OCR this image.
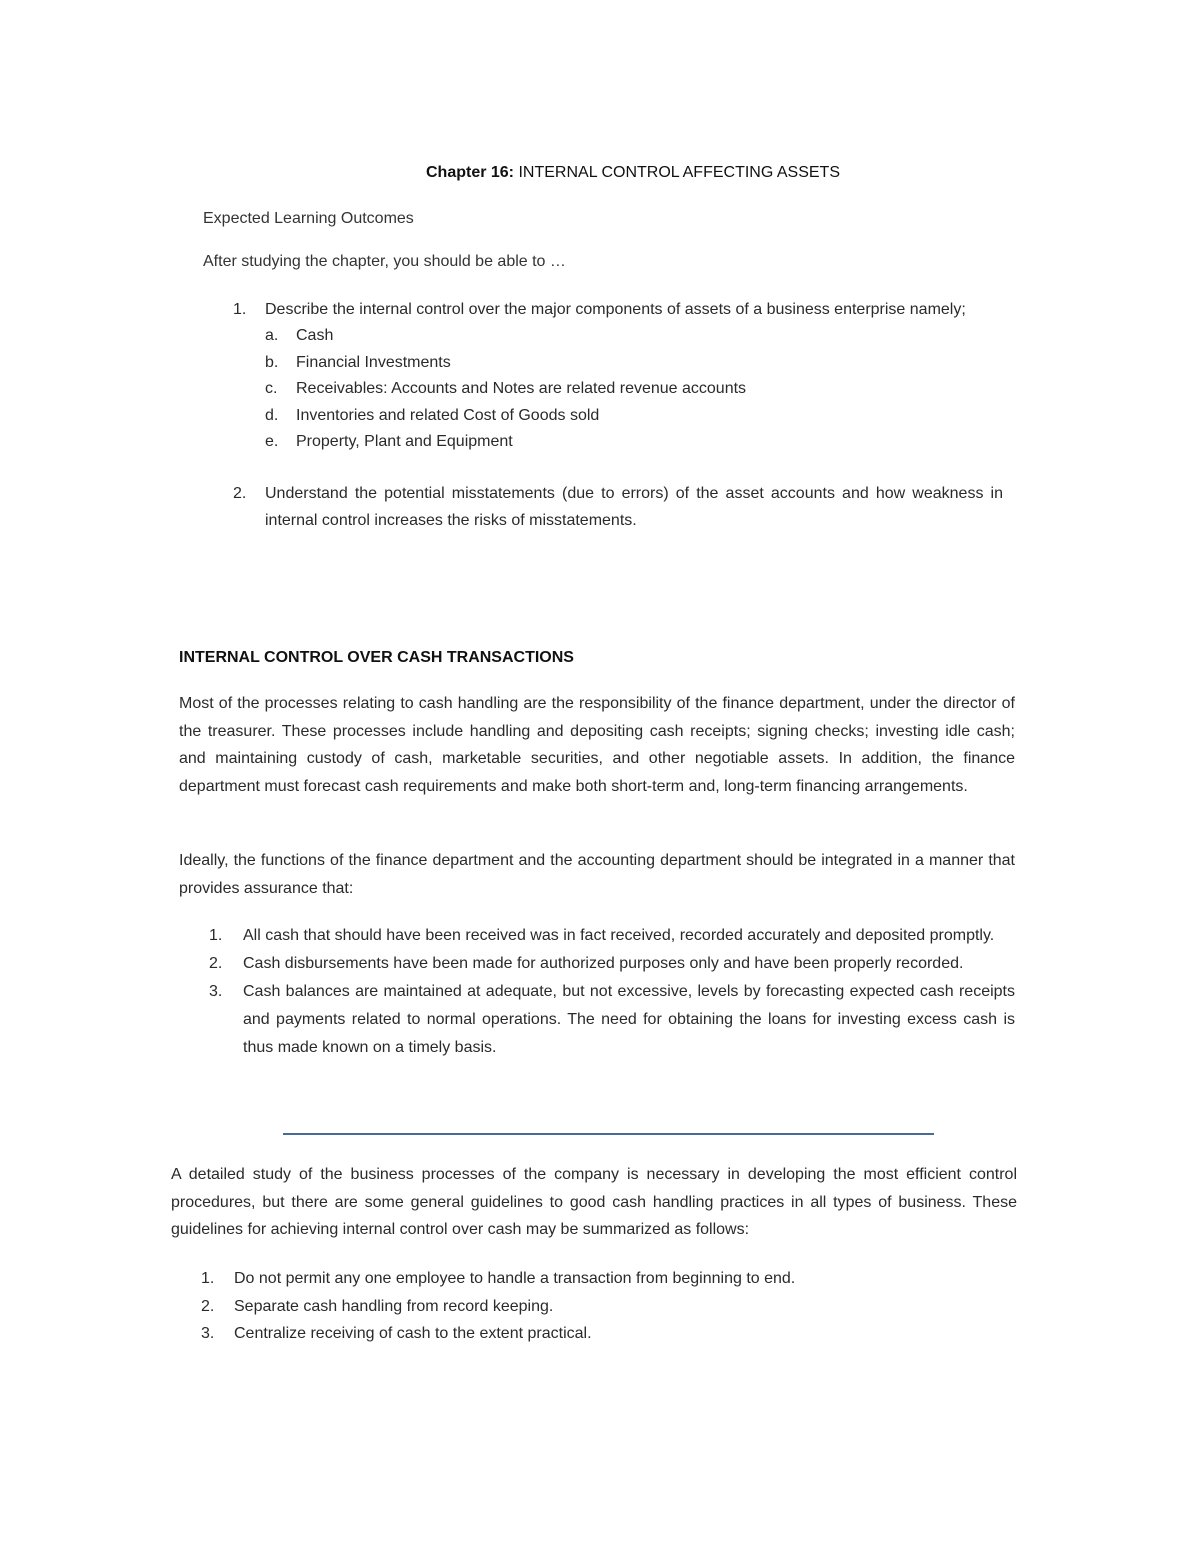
Chapter 16: INTERNAL CONTROL AFFECTING ASSETS

Expected Learning Outcomes

After studying the chapter, you should be able to …

1. Describe the internal control over the major components of assets of a business enterprise namely;
a. Cash
b. Financial Investments
c. Receivables: Accounts and Notes are related revenue accounts
d. Inventories and related Cost of Goods sold
e. Property, Plant and Equipment
2. Understand the potential misstatements (due to errors) of the asset accounts and how weakness in internal control increases the risks of misstatements.
INTERNAL CONTROL OVER CASH TRANSACTIONS

Most of the processes relating to cash handling are the responsibility of the finance department, under the director of the treasurer. These processes include handling and depositing cash receipts; signing checks; investing idle cash; and maintaining custody of cash, marketable securities, and other negotiable assets. In addition, the finance department must forecast cash requirements and make both short-term and, long-term financing arrangements.

Ideally, the functions of the finance department and the accounting department should be integrated in a manner that provides assurance that:

1. All cash that should have been received was in fact received, recorded accurately and deposited promptly.
2. Cash disbursements have been made for authorized purposes only and have been properly recorded.
3. Cash balances are maintained at adequate, but not excessive, levels by forecasting expected cash receipts and payments related to normal operations. The need for obtaining the loans for investing excess cash is thus made known on a timely basis.

A detailed study of the business processes of the company is necessary in developing the most efficient control procedures, but there are some general guidelines to good cash handling practices in all types of business. These guidelines for achieving internal control over cash may be summarized as follows:

1. Do not permit any one employee to handle a transaction from beginning to end.
2. Separate cash handling from record keeping.
3. Centralize receiving of cash to the extent practical.
